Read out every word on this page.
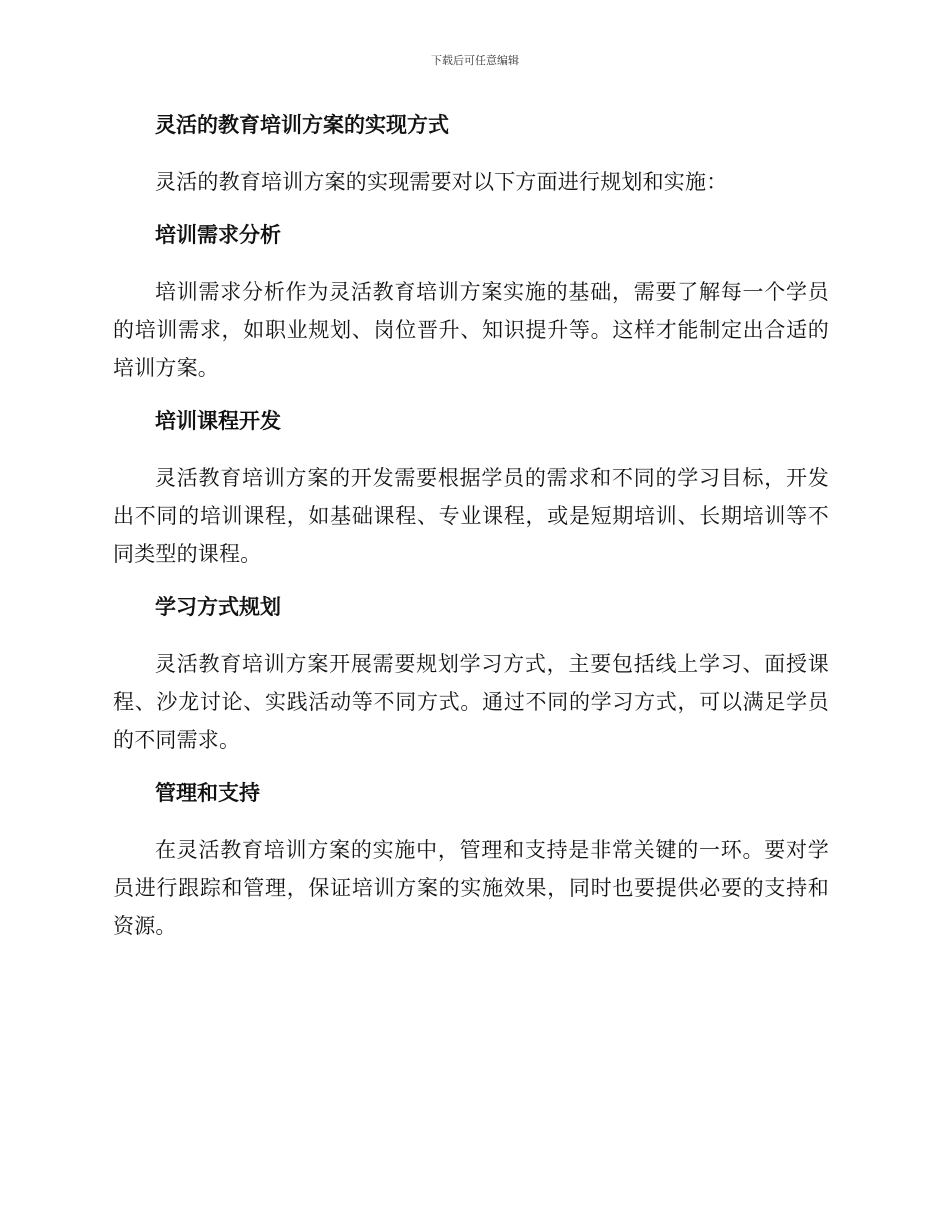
下载后可任意编辑
灵活的教育培训方案的实现方式

灵活的教育培训方案的实现需要对以下方面进行规划和实施：

培训需求分析

培训需求分析作为灵活教育培训方案实施的基础，需要了解每一个学员的培训需求，如职业规划、岗位晋升、知识提升等。这样才能制定出合适的培训方案。

培训课程开发

灵活教育培训方案的开发需要根据学员的需求和不同的学习目标，开发出不同的培训课程，如基础课程、专业课程，或是短期培训、长期培训等不同类型的课程。

学习方式规划

灵活教育培训方案开展需要规划学习方式，主要包括线上学习、面授课程、沙龙讨论、实践活动等不同方式。通过不同的学习方式，可以满足学员的不同需求。

管理和支持

在灵活教育培训方案的实施中，管理和支持是非常关键的一环。要对学员进行跟踪和管理，保证培训方案的实施效果，同时也要提供必要的支持和资源。
